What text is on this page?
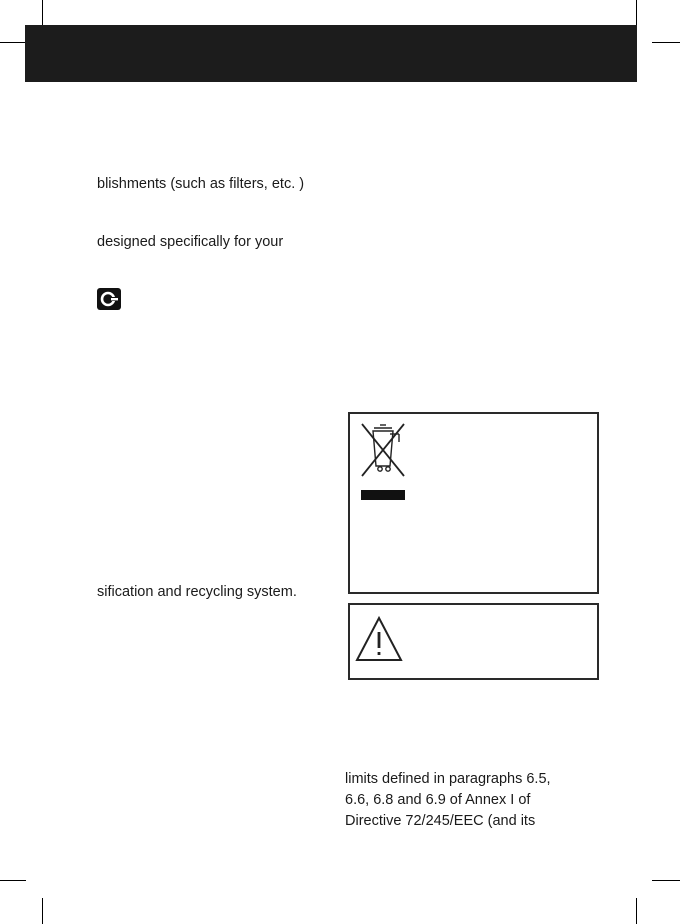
blishments (such as filters, etc. )
designed specifically for your
sification and recycling system.
limits defined in paragraphs 6.5,
6.6, 6.8 and 6.9 of Annex I of
Directive 72/245/EEC (and its
